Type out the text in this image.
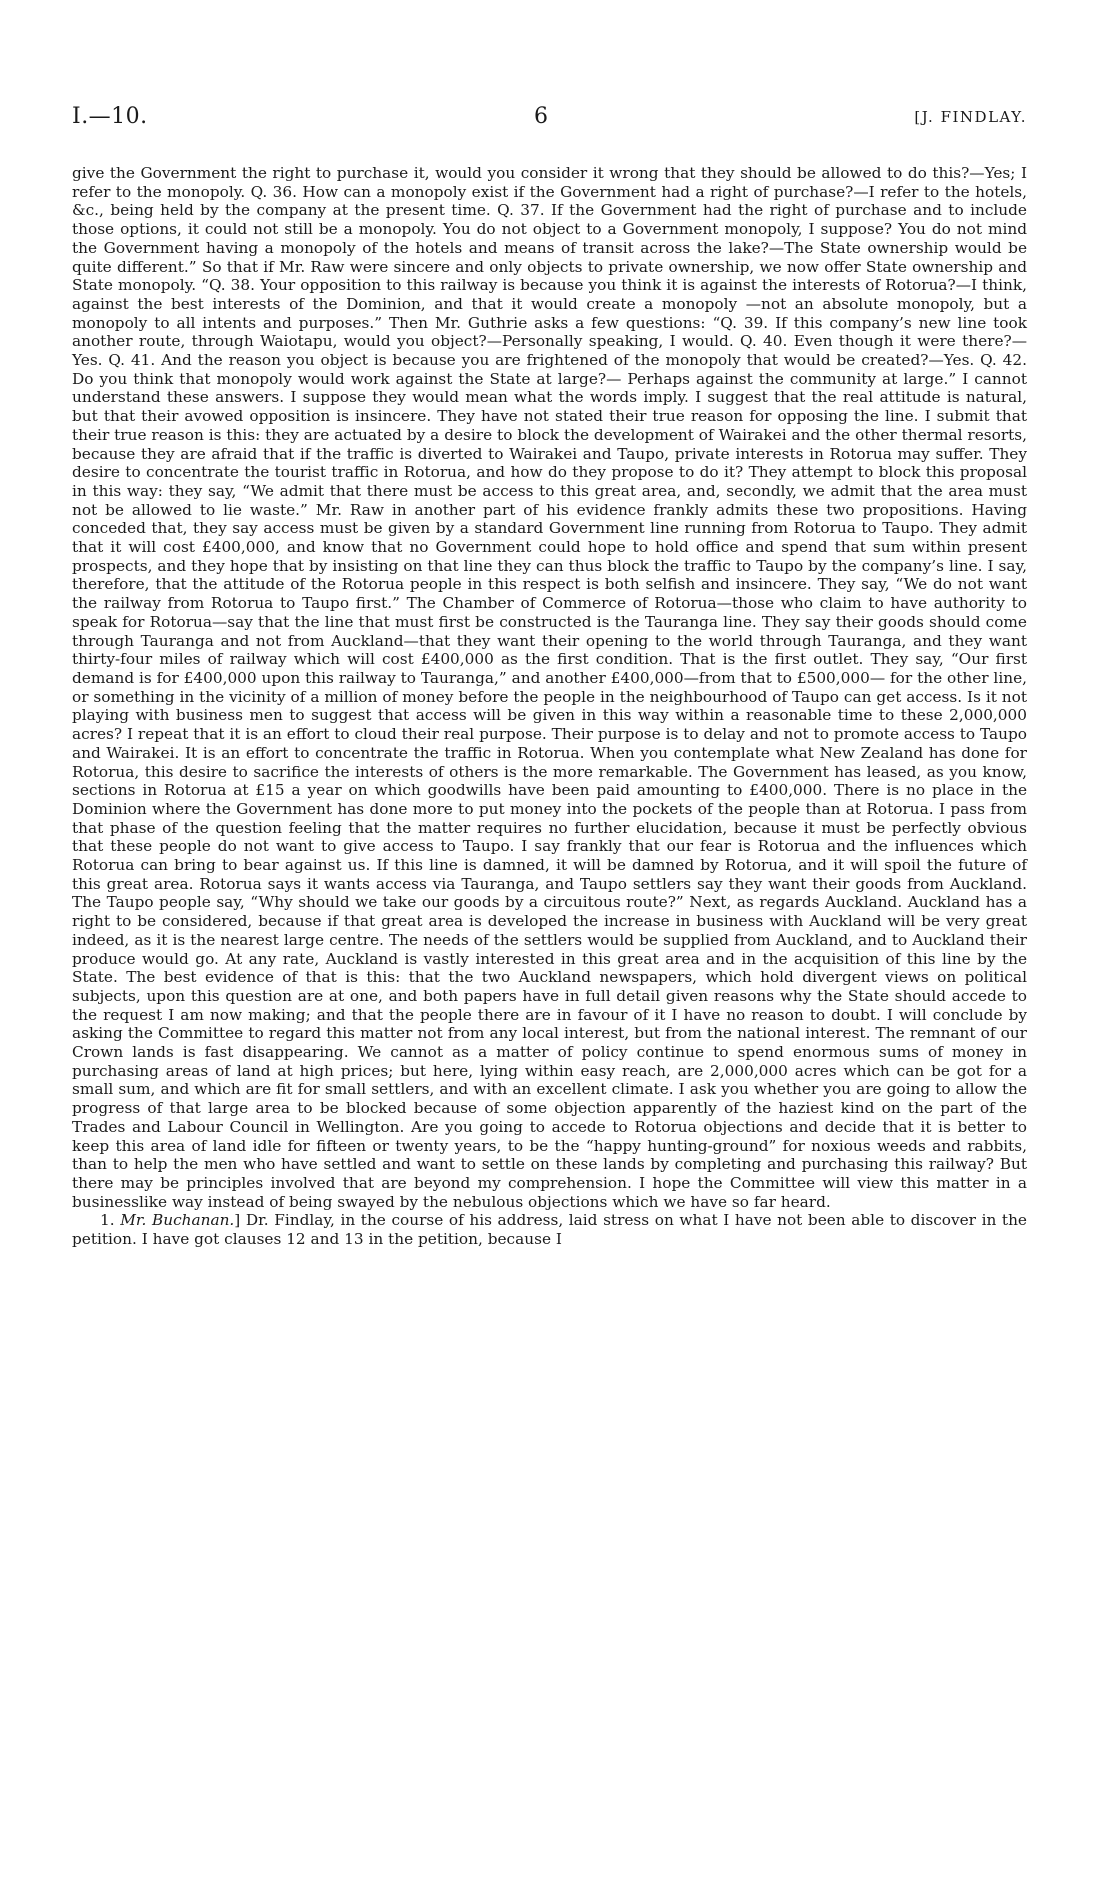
I.—10.	6	[J. FINDLAY.

give the Government the right to purchase it, would you consider it wrong that they should be allowed to do this?—Yes; I refer to the monopoly. Q. 36. How can a monopoly exist if the Government had a right of purchase?—I refer to the hotels, &c., being held by the company at the present time. Q. 37. If the Government had the right of purchase and to include those options, it could not still be a monopoly. You do not object to a Government monopoly, I suppose? You do not mind the Government having a monopoly of the hotels and means of transit across the lake?—The State ownership would be quite different.” So that if Mr. Raw were sincere and only objects to private ownership, we now offer State ownership and State monopoly. “Q. 38. Your opposition to this railway is because you think it is against the interests of Rotorua?—I think, against the best interests of the Dominion, and that it would create a monopoly —not an absolute monopoly, but a monopoly to all intents and purposes.” Then Mr. Guthrie asks a few questions: “Q. 39. If this company’s new line took another route, through Waiotapu, would you object?—Personally speaking, I would. Q. 40. Even though it were there?—Yes. Q. 41. And the reason you object is because you are frightened of the monopoly that would be created?—Yes. Q. 42. Do you think that monopoly would work against the State at large?— Perhaps against the community at large.” I cannot understand these answers. I suppose they would mean what the words imply. I suggest that the real attitude is natural, but that their avowed opposition is insincere. They have not stated their true reason for opposing the line. I submit that their true reason is this: they are actuated by a desire to block the development of Wairakei and the other thermal resorts, because they are afraid that if the traffic is diverted to Wairakei and Taupo, private interests in Rotorua may suffer. They desire to concentrate the tourist traffic in Rotorua, and how do they propose to do it? They attempt to block this proposal in this way: they say, “We admit that there must be access to this great area, and, secondly, we admit that the area must not be allowed to lie waste.” Mr. Raw in another part of his evidence frankly admits these two propositions. Having conceded that, they say access must be given by a standard Government line running from Rotorua to Taupo. They admit that it will cost £400,000, and know that no Government could hope to hold office and spend that sum within present prospects, and they hope that by insisting on that line they can thus block the traffic to Taupo by the company’s line. I say, therefore, that the attitude of the Rotorua people in this respect is both selfish and insincere. They say, “We do not want the railway from Rotorua to Taupo first.” The Chamber of Commerce of Rotorua—those who claim to have authority to speak for Rotorua—say that the line that must first be constructed is the Tauranga line. They say their goods should come through Tauranga and not from Auckland—that they want their opening to the world through Tauranga, and they want thirty-four miles of railway which will cost £400,000 as the first condition. That is the first outlet. They say, “Our first demand is for £400,000 upon this railway to Tauranga,” and another £400,000—from that to £500,000— for the other line, or something in the vicinity of a million of money before the people in the neighbourhood of Taupo can get access. Is it not playing with business men to suggest that access will be given in this way within a reasonable time to these 2,000,000 acres? I repeat that it is an effort to cloud their real purpose. Their purpose is to delay and not to promote access to Taupo and Wairakei. It is an effort to concentrate the traffic in Rotorua. When you contemplate what New Zealand has done for Rotorua, this desire to sacrifice the interests of others is the more remarkable. The Government has leased, as you know, sections in Rotorua at £15 a year on which goodwills have been paid amounting to £400,000. There is no place in the Dominion where the Government has done more to put money into the pockets of the people than at Rotorua. I pass from that phase of the question feeling that the matter requires no further elucidation, because it must be perfectly obvious that these people do not want to give access to Taupo. I say frankly that our fear is Rotorua and the influences which Rotorua can bring to bear against us. If this line is damned, it will be damned by Rotorua, and it will spoil the future of this great area. Rotorua says it wants access via Tauranga, and Taupo settlers say they want their goods from Auckland. The Taupo people say, “Why should we take our goods by a circuitous route?” Next, as regards Auckland. Auckland has a right to be considered, because if that great area is developed the increase in business with Auckland will be very great indeed, as it is the nearest large centre. The needs of the settlers would be supplied from Auckland, and to Auckland their produce would go. At any rate, Auckland is vastly interested in this great area and in the acquisition of this line by the State. The best evidence of that is this: that the two Auckland newspapers, which hold divergent views on political subjects, upon this question are at one, and both papers have in full detail given reasons why the State should accede to the request I am now making; and that the people there are in favour of it I have no reason to doubt. I will conclude by asking the Committee to regard this matter not from any local interest, but from the national interest. The remnant of our Crown lands is fast disappearing. We cannot as a matter of policy continue to spend enormous sums of money in purchasing areas of land at high prices; but here, lying within easy reach, are 2,000,000 acres which can be got for a small sum, and which are fit for small settlers, and with an excellent climate. I ask you whether you are going to allow the progress of that large area to be blocked because of some objection apparently of the haziest kind on the part of the Trades and Labour Council in Wellington. Are you going to accede to Rotorua objections and decide that it is better to keep this area of land idle for fifteen or twenty years, to be the “happy hunting-ground” for noxious weeds and rabbits, than to help the men who have settled and want to settle on these lands by completing and purchasing this railway? But there may be principles involved that are beyond my comprehension. I hope the Committee will view this matter in a businesslike way instead of being swayed by the nebulous objections which we have so far heard.

1. Mr. Buchanan.] Dr. Findlay, in the course of his address, laid stress on what I have not been able to discover in the petition. I have got clauses 12 and 13 in the petition, because I
